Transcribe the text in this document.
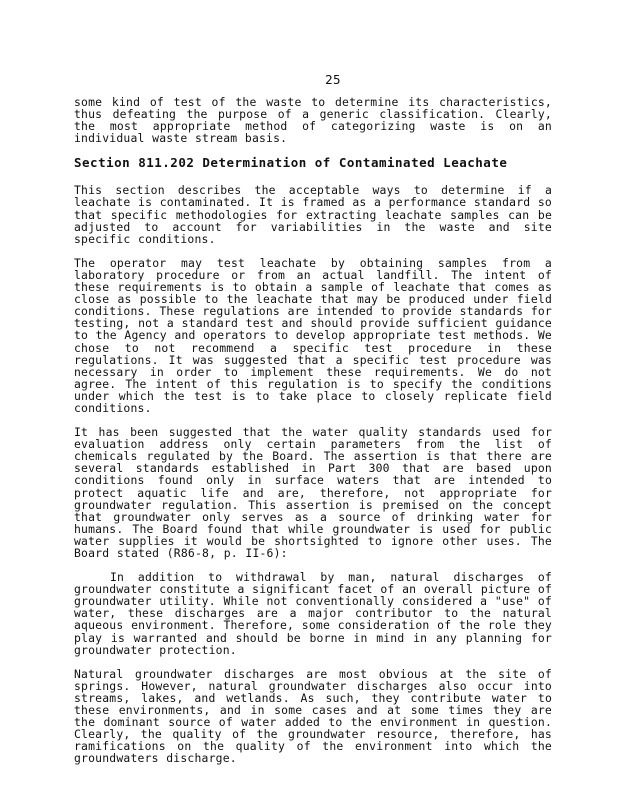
25

some kind of test of the waste to determine its characteristics, thus defeating the purpose of a generic classification. Clearly, the most appropriate method of categorizing waste is on an individual waste stream basis.

Section 811.202 Determination of Contaminated Leachate

This section describes the acceptable ways to determine if a leachate is contaminated. It is framed as a performance standard so that specific methodologies for extracting leachate samples can be adjusted to account for variabilities in the waste and site specific conditions.

The operator may test leachate by obtaining samples from a laboratory procedure or from an actual landfill. The intent of these requirements is to obtain a sample of leachate that comes as close as possible to the leachate that may be produced under field conditions. These regulations are intended to provide standards for testing, not a standard test and should provide sufficient guidance to the Agency and operators to develop appropriate test methods. We chose to not recommend a specific test procedure in these regulations. It was suggested that a specific test procedure was necessary in order to implement these requirements. We do not agree. The intent of this regulation is to specify the conditions under which the test is to take place to closely replicate field conditions.

It has been suggested that the water quality standards used for evaluation address only certain parameters from the list of chemicals regulated by the Board. The assertion is that there are several standards established in Part 300 that are based upon conditions found only in surface waters that are intended to protect aquatic life and are, therefore, not appropriate for groundwater regulation. This assertion is premised on the concept that groundwater only serves as a source of drinking water for humans. The Board found that while groundwater is used for public water supplies it would be shortsighted to ignore other uses. The Board stated (R86-8, p. II-6):

In addition to withdrawal by man, natural discharges of groundwater constitute a significant facet of an overall picture of groundwater utility. While not conventionally considered a "use" of water, these discharges are a major contributor to the natural aqueous environment. Therefore, some consideration of the role they play is warranted and should be borne in mind in any planning for groundwater protection.

Natural groundwater discharges are most obvious at the site of springs. However, natural groundwater discharges also occur into streams, lakes, and wetlands. As such, they contribute water to these environments, and in some cases and at some times they are the dominant source of water added to the environment in question. Clearly, the quality of the groundwater resource, therefore, has ramifications on the quality of the environment into which the groundwaters discharge.
